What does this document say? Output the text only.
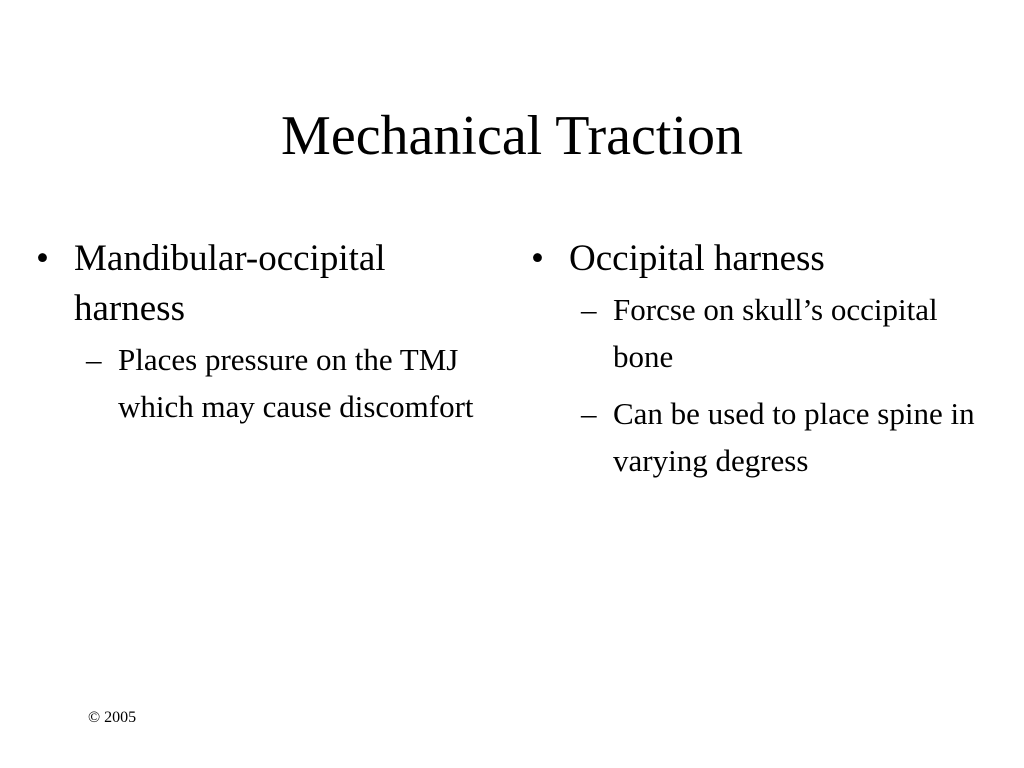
Mechanical Traction
• Mandibular-occipital harness
– Places pressure on the TMJ which may cause discomfort
• Occipital harness
– Forcse on skull’s occipital bone
– Can be used to place spine in varying degress
© 2005
